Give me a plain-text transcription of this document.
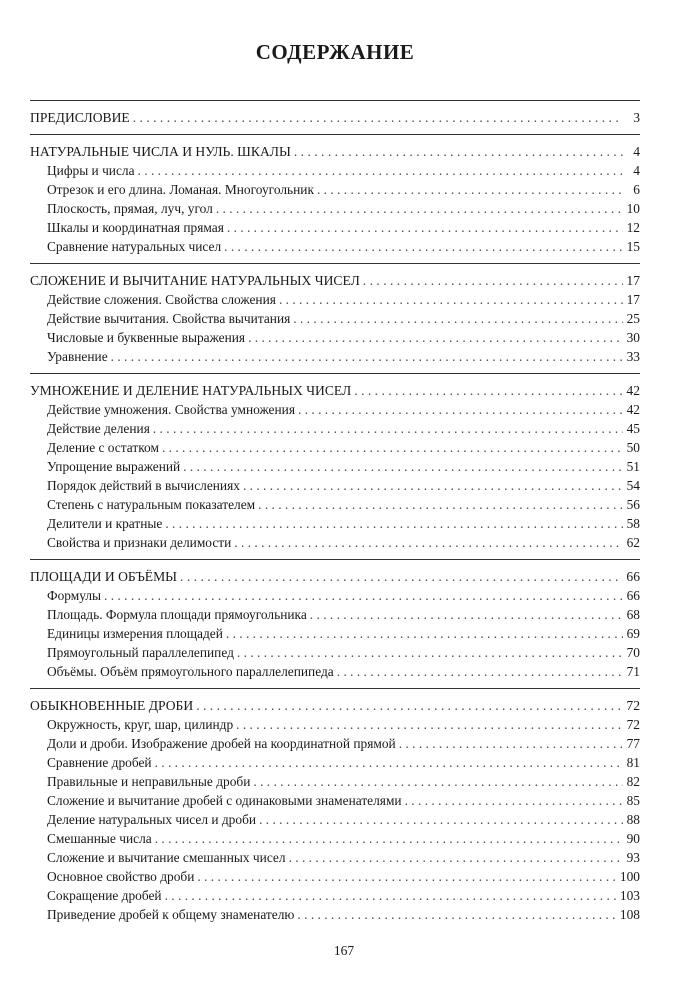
СОДЕРЖАНИЕ
ПРЕДИСЛОВИЕ . . .	3
НАТУРАЛЬНЫЕ ЧИСЛА И НУЛЬ. ШКАЛЫ . . .	4
Цифры и числа . . .	4
Отрезок и его длина. Ломаная. Многоугольник . . .	6
Плоскость, прямая, луч, угол . . .	10
Шкалы и координатная прямая . . .	12
Сравнение натуральных чисел . . .	15
СЛОЖЕНИЕ И ВЫЧИТАНИЕ НАТУРАЛЬНЫХ ЧИСЕЛ . . .	17
Действие сложения. Свойства сложения . . .	17
Действие вычитания. Свойства вычитания . . .	25
Числовые и буквенные выражения . . .	30
Уравнение . . .	33
УМНОЖЕНИЕ И ДЕЛЕНИЕ НАТУРАЛЬНЫХ ЧИСЕЛ . . .	42
Действие умножения. Свойства умножения . . .	42
Действие деления . . .	45
Деление с остатком . . .	50
Упрощение выражений . . .	51
Порядок действий в вычислениях . . .	54
Степень с натуральным показателем . . .	56
Делители и кратные . . .	58
Свойства и признаки делимости . . .	62
ПЛОЩАДИ И ОБЪЁМЫ . . .	66
Формулы . . .	66
Площадь. Формула площади прямоугольника . . .	68
Единицы измерения площадей . . .	69
Прямоугольный параллелепипед . . .	70
Объёмы. Объём прямоугольного параллелепипеда . . .	71
ОБЫКНОВЕННЫЕ ДРОБИ . . .	72
Окружность, круг, шар, цилиндр . . .	72
Доли и дроби. Изображение дробей на координатной прямой . . .	77
Сравнение дробей . . .	81
Правильные и неправильные дроби . . .	82
Сложение и вычитание дробей с одинаковыми знаменателями . . .	85
Деление натуральных чисел и дроби . . .	88
Смешанные числа . . .	90
Сложение и вычитание смешанных чисел . . .	93
Основное свойство дроби . . .	100
Сокращение дробей . . .	103
Приведение дробей к общему знаменателю . . .	108
167
